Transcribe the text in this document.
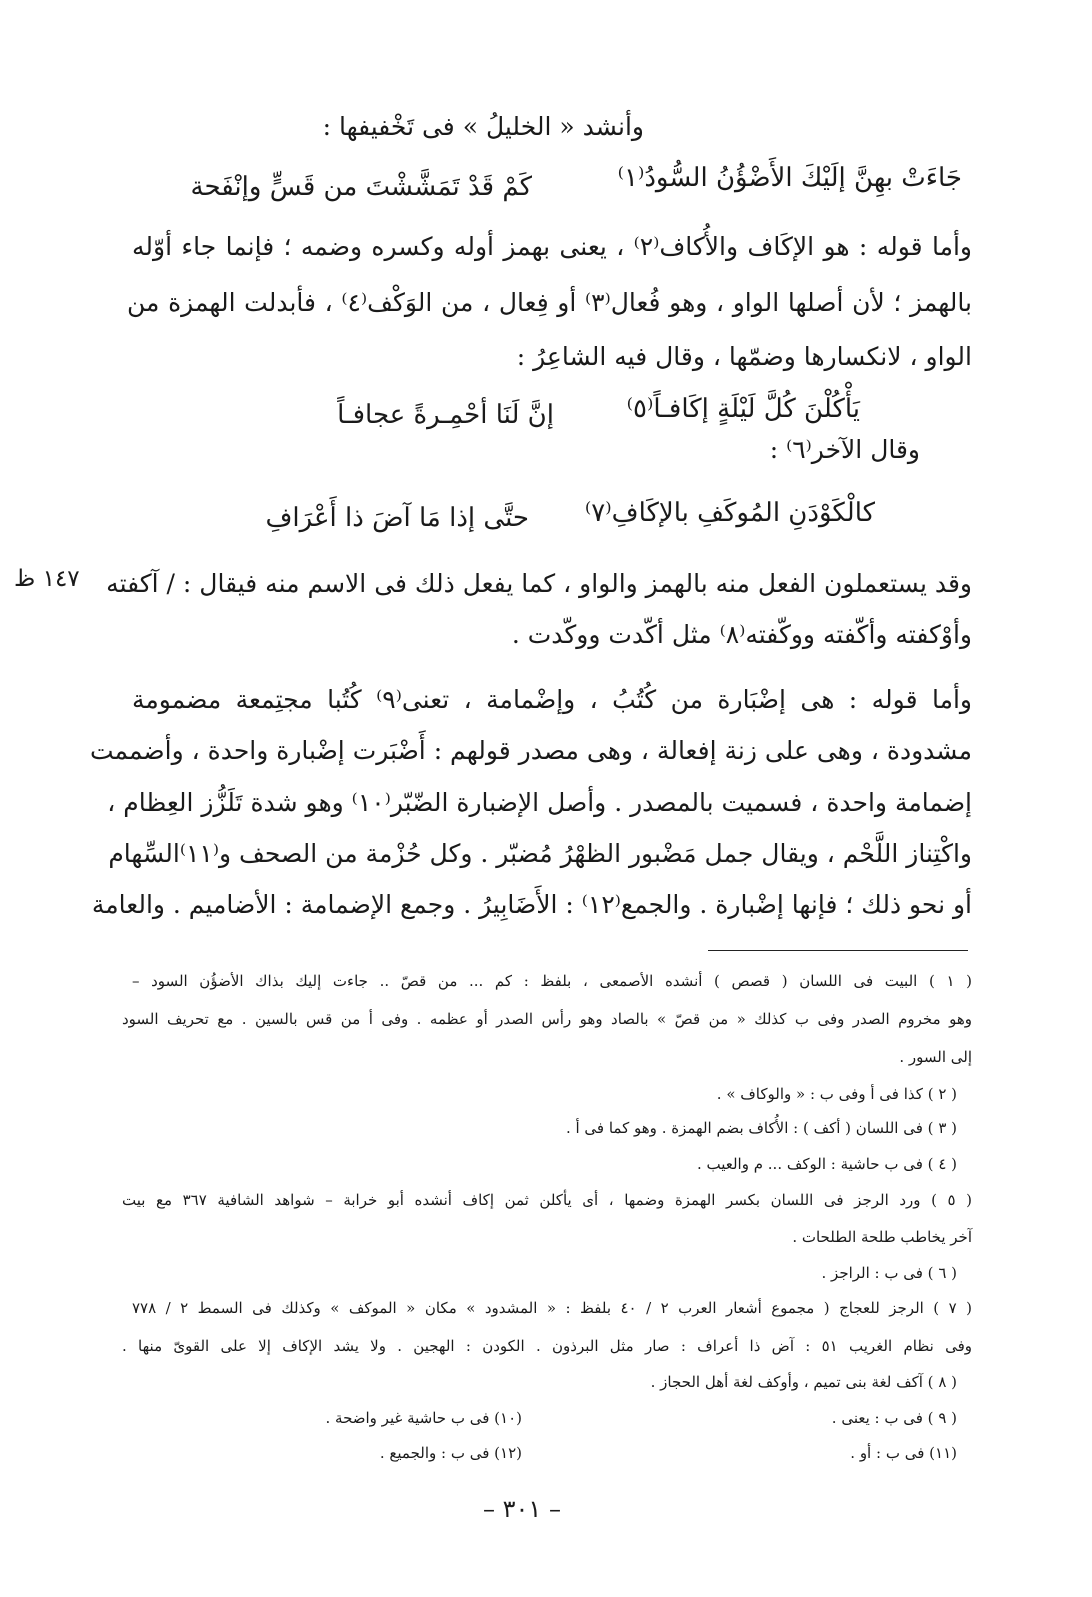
وأنشد « الخليلُ » فى تَخْفيفها :
كَمْ قَدْ تَمَشَّشْتَ من قَسٍّ وإنْفَحة	جَاءَتْ بهِنَّ إلَيْكَ الأَضْؤُنُ السُّودُ⁽١⁾
وأما قوله : هو الإكَاف والأُكاف⁽٢⁾ ، يعنى بهمز أوله وكسره وضمه ؛ فإنما جاء أوّله
بالهمز ؛ لأن أصلها الواو ، وهو فُعال⁽٣⁾ أو فِعال ، من الوَكْف⁽٤⁾ ، فأبدلت الهمزة من
الواو ، لانكسارها وضمّها ، وقال فيه الشاعِرُ :
إنَّ لَنَا أحْمِـرةً عجافـاً	يَأْكُلْنَ كُلَّ لَيْلَةٍ إكَافـاً⁽٥⁾
وقال الآخر⁽٦⁾ :
حتَّى إذا مَا آضَ ذا أَعْرَافِ كالْكَوْدَنِ المُوكَفِ بالإكَافِ⁽٧⁾
١٤٧ ظ وقد يستعملون الفعل منه بالهمز والواو ، كما يفعل ذلك فى الاسم منه فيقال : / آكفته
وأوْكفته وأكّفته ووكّفته⁽٨⁾ مثل أكّدت ووكّدت .
وأما قوله : هى إضْبَارة من كُتُبُ ، وإضْمامة ، تعنى⁽٩⁾ كُتُبا مجتِمعة مضمومة
مشدودة ، وهى على زنة إفعالة ، وهى مصدر قولهم : أَضْبَرت إضْبارة واحدة ، وأضممت
إضمامة واحدة ، فسميت بالمصدر . وأصل الإضبارة الضّبّر⁽١٠⁾ وهو شدة تَلَزُّز العِظام ،
واكْتِناز اللَّحْم ، ويقال جمل مَضْبور الظهْرُ مُضبّر . وكل حُزْمة من الصحف و⁽١١⁾السِّهام
أو نحو ذلك ؛ فإنها إضْبارة . والجمع⁽١٢⁾ : الأَضَابِيرُ . وجمع الإضمامة : الأضاميم . والعامة
( ١ ) البيت فى اللسان ( قصص ) أنشده الأصمعى ، بلفظ : كم ... من قصّ .. جاءت إليك بذاك الأضؤُن السود –
وهو مخروم الصدر وفى ب كذلك « من قصّ » بالصاد وهو رأس الصدر أو عظمه . وفى أ من قس بالسين . مع تحريف السود
إلى السور .
( ٢ ) كذا فى أ وفى ب : « والوكاف » .
( ٣ ) فى اللسان ( أكف ) : الأُكاف بضم الهمزة . وهو كما فى أ .
( ٤ ) فى ب حاشية : الوكف ... م والعيب .
( ٥ ) ورد الرجز فى اللسان بكسر الهمزة وضمها ، أى يأكلن ثمن إكاف أنشده أبو خرابة – شواهد الشافية ٣٦٧ مع بيت
آخر يخاطب طلحة الطلحات .
( ٦ ) فى ب : الراجز .
( ٧ ) الرجز للعجاج ( مجموع أشعار العرب ٢ / ٤٠ بلفظ : « المشدود » مكان « الموكف » وكذلك فى السمط ٢ / ٧٧٨
وفى نظام الغريب ٥١ : آض ذا أعراف : صار مثل البرذون . الكودن : الهجين . ولا يشد الإكاف إلا على القوىّ منها .
( ٨ ) آكف لغة بنى تميم ، وأوكف لغة أهل الحجاز .
( ٩ ) فى ب : يعنى .
(١٠) فى ب حاشية غير واضحة .
(١١) فى ب : أو .
(١٢) فى ب : والجميع .
– ٣٠١ –
